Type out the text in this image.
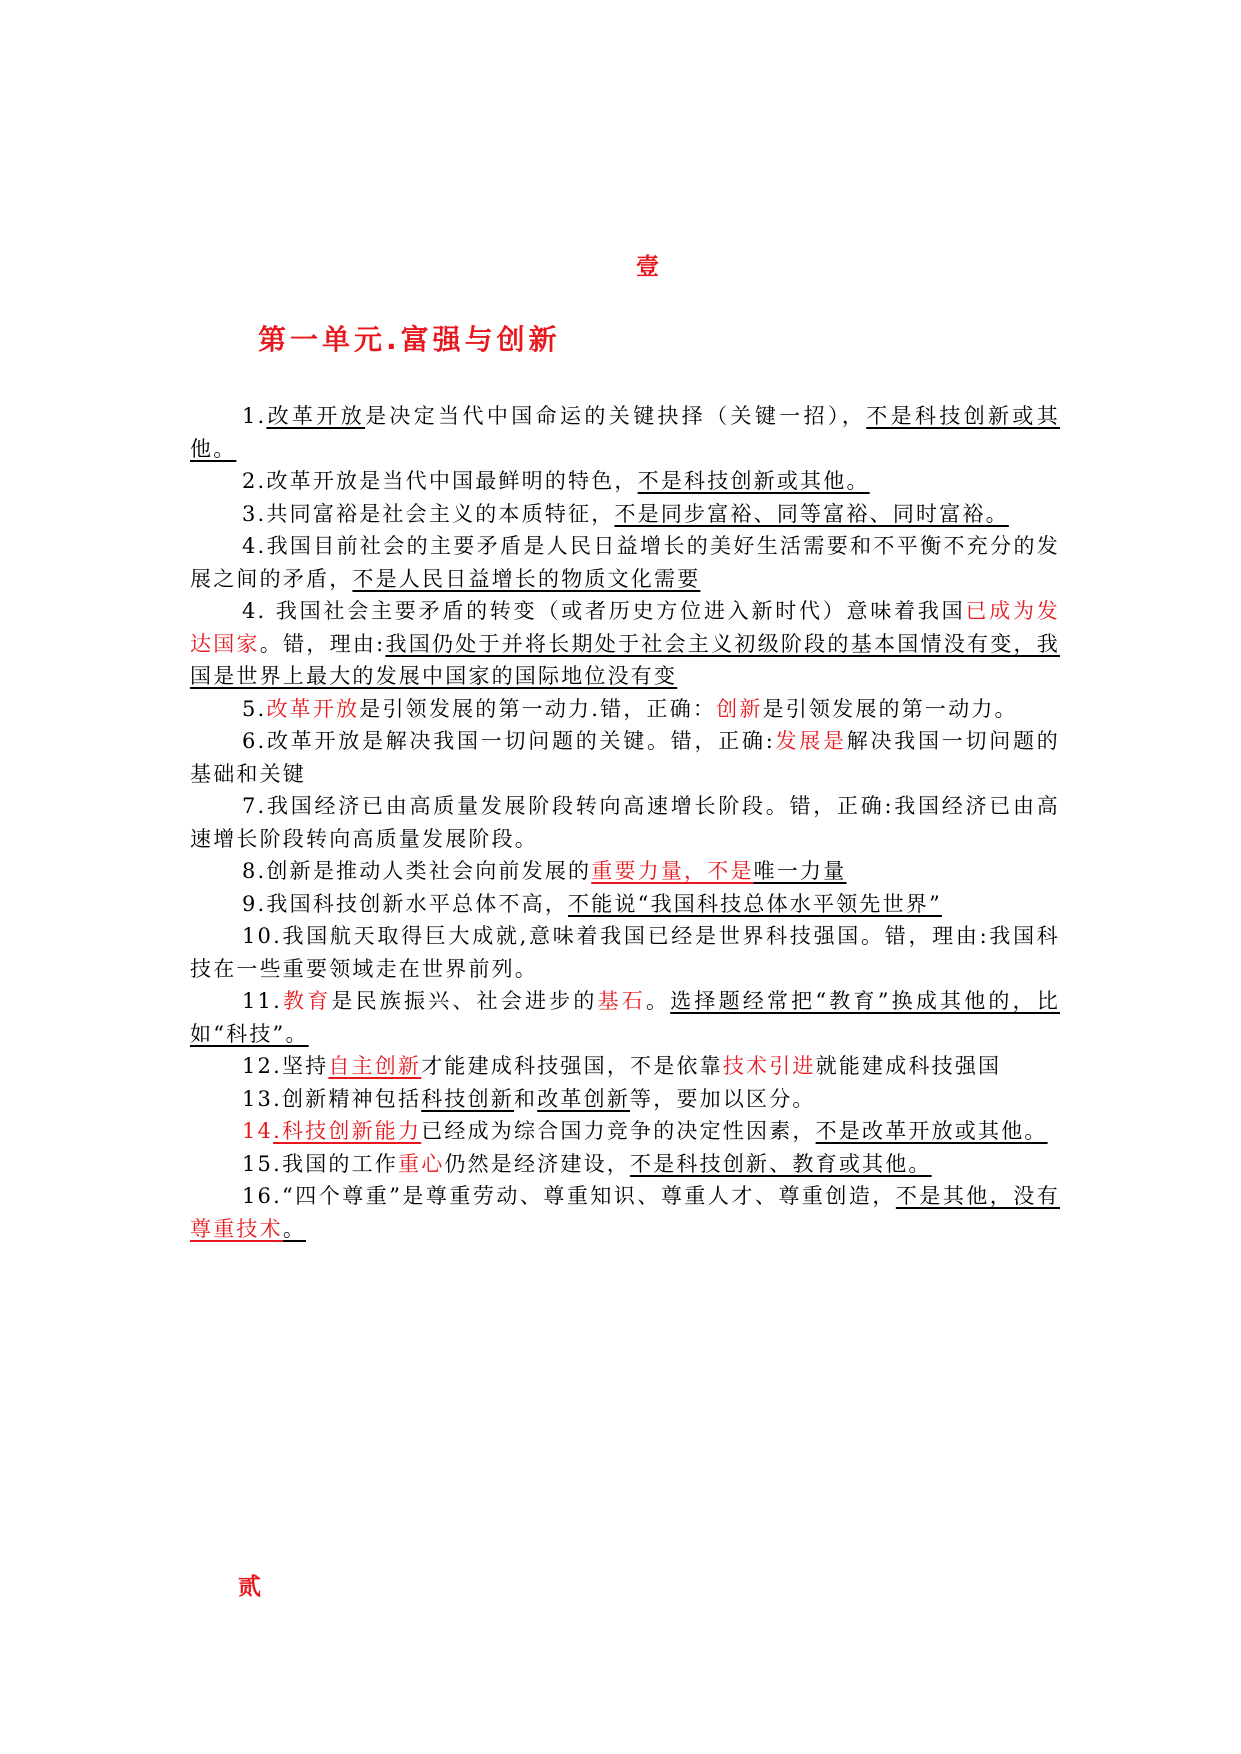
壹
第一单元.富强与创新

1.改革开放是决定当代中国命运的关键抉择（关键一招），不是科技创新或其他。

2.改革开放是当代中国最鲜明的特色，不是科技创新或其他。

3.共同富裕是社会主义的本质特征，不是同步富裕、同等富裕、同时富裕。

4.我国目前社会的主要矛盾是人民日益增长的美好生活需要和不平衡不充分的发展之间的矛盾，不是人民日益增长的物质文化需要

4. 我国社会主要矛盾的转变（或者历史方位进入新时代）意味着我国已成为发达国家。错，理由:我国仍处于并将长期处于社会主义初级阶段的基本国情没有变，我国是世界上最大的发展中国家的国际地位没有变

5.改革开放是引领发展的第一动力.错，正确：创新是引领发展的第一动力。

6.改革开放是解决我国一切问题的关键。错，正确:发展是解决我国一切问题的基础和关键

7.我国经济已由高质量发展阶段转向高速增长阶段。错，正确:我国经济已由高速增长阶段转向高质量发展阶段。

8.创新是推动人类社会向前发展的重要力量，不是唯一力量

9.我国科技创新水平总体不高，不能说“我国科技总体水平领先世界”

10.我国航天取得巨大成就,意味着我国已经是世界科技强国。错，理由:我国科技在一些重要领域走在世界前列。

11.教育是民族振兴、社会进步的基石。选择题经常把“教育”换成其他的，比如“科技”。

12.坚持自主创新才能建成科技强国，不是依靠技术引进就能建成科技强国

13.创新精神包括科技创新和改革创新等，要加以区分。

14.科技创新能力已经成为综合国力竞争的决定性因素，不是改革开放或其他。

15.我国的工作重心仍然是经济建设，不是科技创新、教育或其他。

16.“四个尊重”是尊重劳动、尊重知识、尊重人才、尊重创造，不是其他，没有尊重技术。

贰
